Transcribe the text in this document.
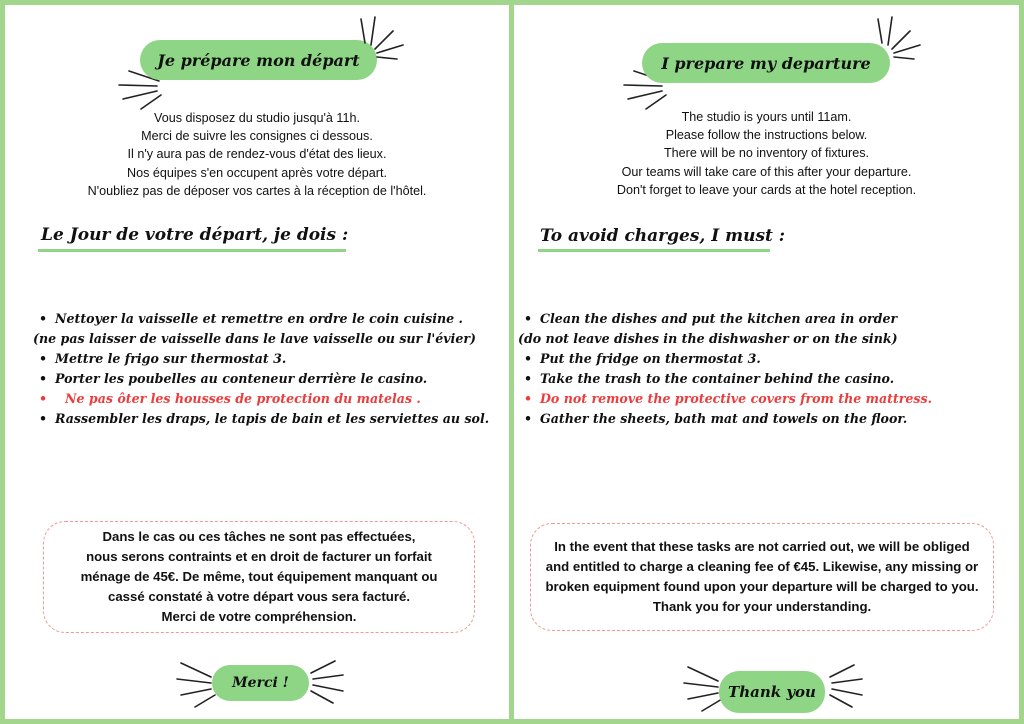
Je prépare mon départ
Vous disposez du studio jusqu'à 11h.
Merci de suivre les consignes ci dessous.
Il n'y aura pas de rendez-vous d'état des lieux.
Nos équipes s'en occupent après votre départ.
N'oubliez pas de déposer vos cartes à la réception de l'hôtel.
Le Jour de votre départ, je dois :
• Nettoyer la vaisselle et remettre en ordre le coin cuisine .
(ne pas laisser de vaisselle dans le lave vaisselle ou sur l'évier)
• Mettre le frigo sur thermostat 3.
• Porter les poubelles au conteneur derrière le casino.
• Ne pas ôter les housses de protection du matelas .
• Rassembler les draps, le tapis de bain et les serviettes au sol.
Dans le cas ou ces tâches ne sont pas effectuées,
nous serons contraints et en droit de facturer un forfait
ménage de 45€. De même, tout équipement manquant ou
cassé constaté à votre départ vous sera facturé.
Merci de votre compréhension.
Merci !
I prepare my departure
The studio is yours until 11am.
Please follow the instructions below.
There will be no inventory of fixtures.
Our teams will take care of this after your departure.
Don't forget to leave your cards at the hotel reception.
To avoid charges, I must :
• Clean the dishes and put the kitchen area in order
(do not leave dishes in the dishwasher or on the sink)
• Put the fridge on thermostat 3.
• Take the trash to the container behind the casino.
• Do not remove the protective covers from the mattress.
• Gather the sheets, bath mat and towels on the floor.
In the event that these tasks are not carried out, we will be obliged
and entitled to charge a cleaning fee of €45. Likewise, any missing or
broken equipment found upon your departure will be charged to you.
Thank you for your understanding.
Thank you
